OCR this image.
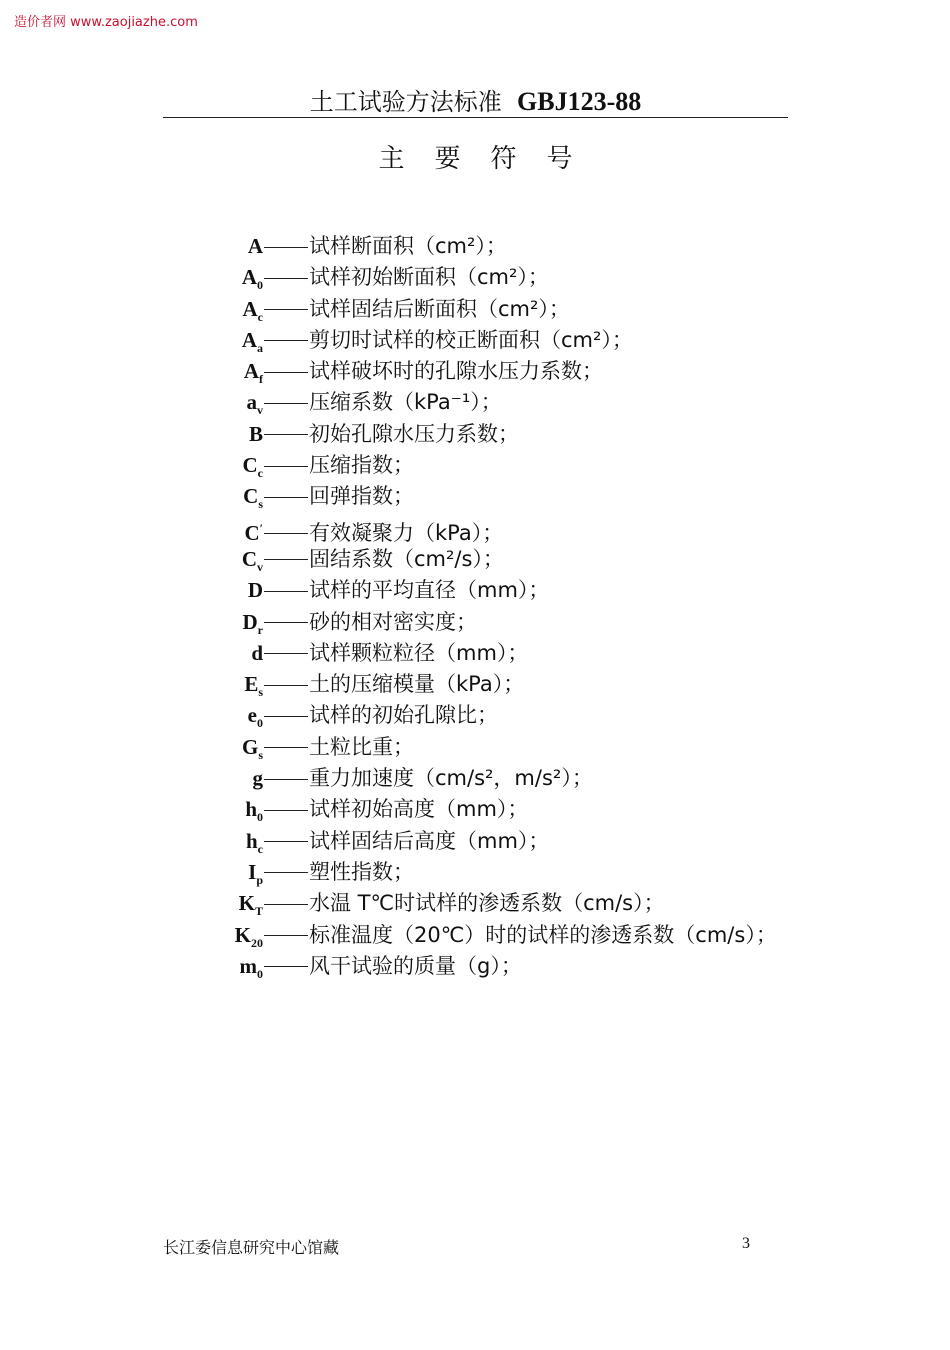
造价者网 www.zaojiazhe.com
土工试验方法标准 GBJ123-88
主要符号
A 试样断面积（cm²）；
$A_0$ 试样初始断面积（cm²）；
$A_c$ 试样固结后断面积（cm²）；
$A_a$ 剪切时试样的校正断面积（cm²）；
$A_f$ 试样破坏时的孔隙水压力系数；
$a_v$ 压缩系数（kPa⁻¹）；
B 初始孔隙水压力系数；
$C_c$ 压缩指数；
$C_s$ 回弹指数；
C′ 有效凝聚力（kPa）；
$C_v$ 固结系数（cm²/s）；
D 试样的平均直径（mm）；
$D_r$ 砂的相对密实度；
d 试样颗粒粒径（mm）；
$E_s$ 土的压缩模量（kPa）；
$e_0$ 试样的初始孔隙比；
$G_s$ 土粒比重；
g 重力加速度（cm/s²，m/s²）；
$h_0$ 试样初始高度（mm）；
$h_c$ 试样固结后高度（mm）；
$I_p$ 塑性指数；
$K_T$ 水温 T℃时试样的渗透系数（cm/s）；
$K_{20}$ 标准温度（20℃）时的试样的渗透系数（cm/s）；
$m_0$ 风干试验的质量（g）；
长江委信息研究中心馆藏	3
